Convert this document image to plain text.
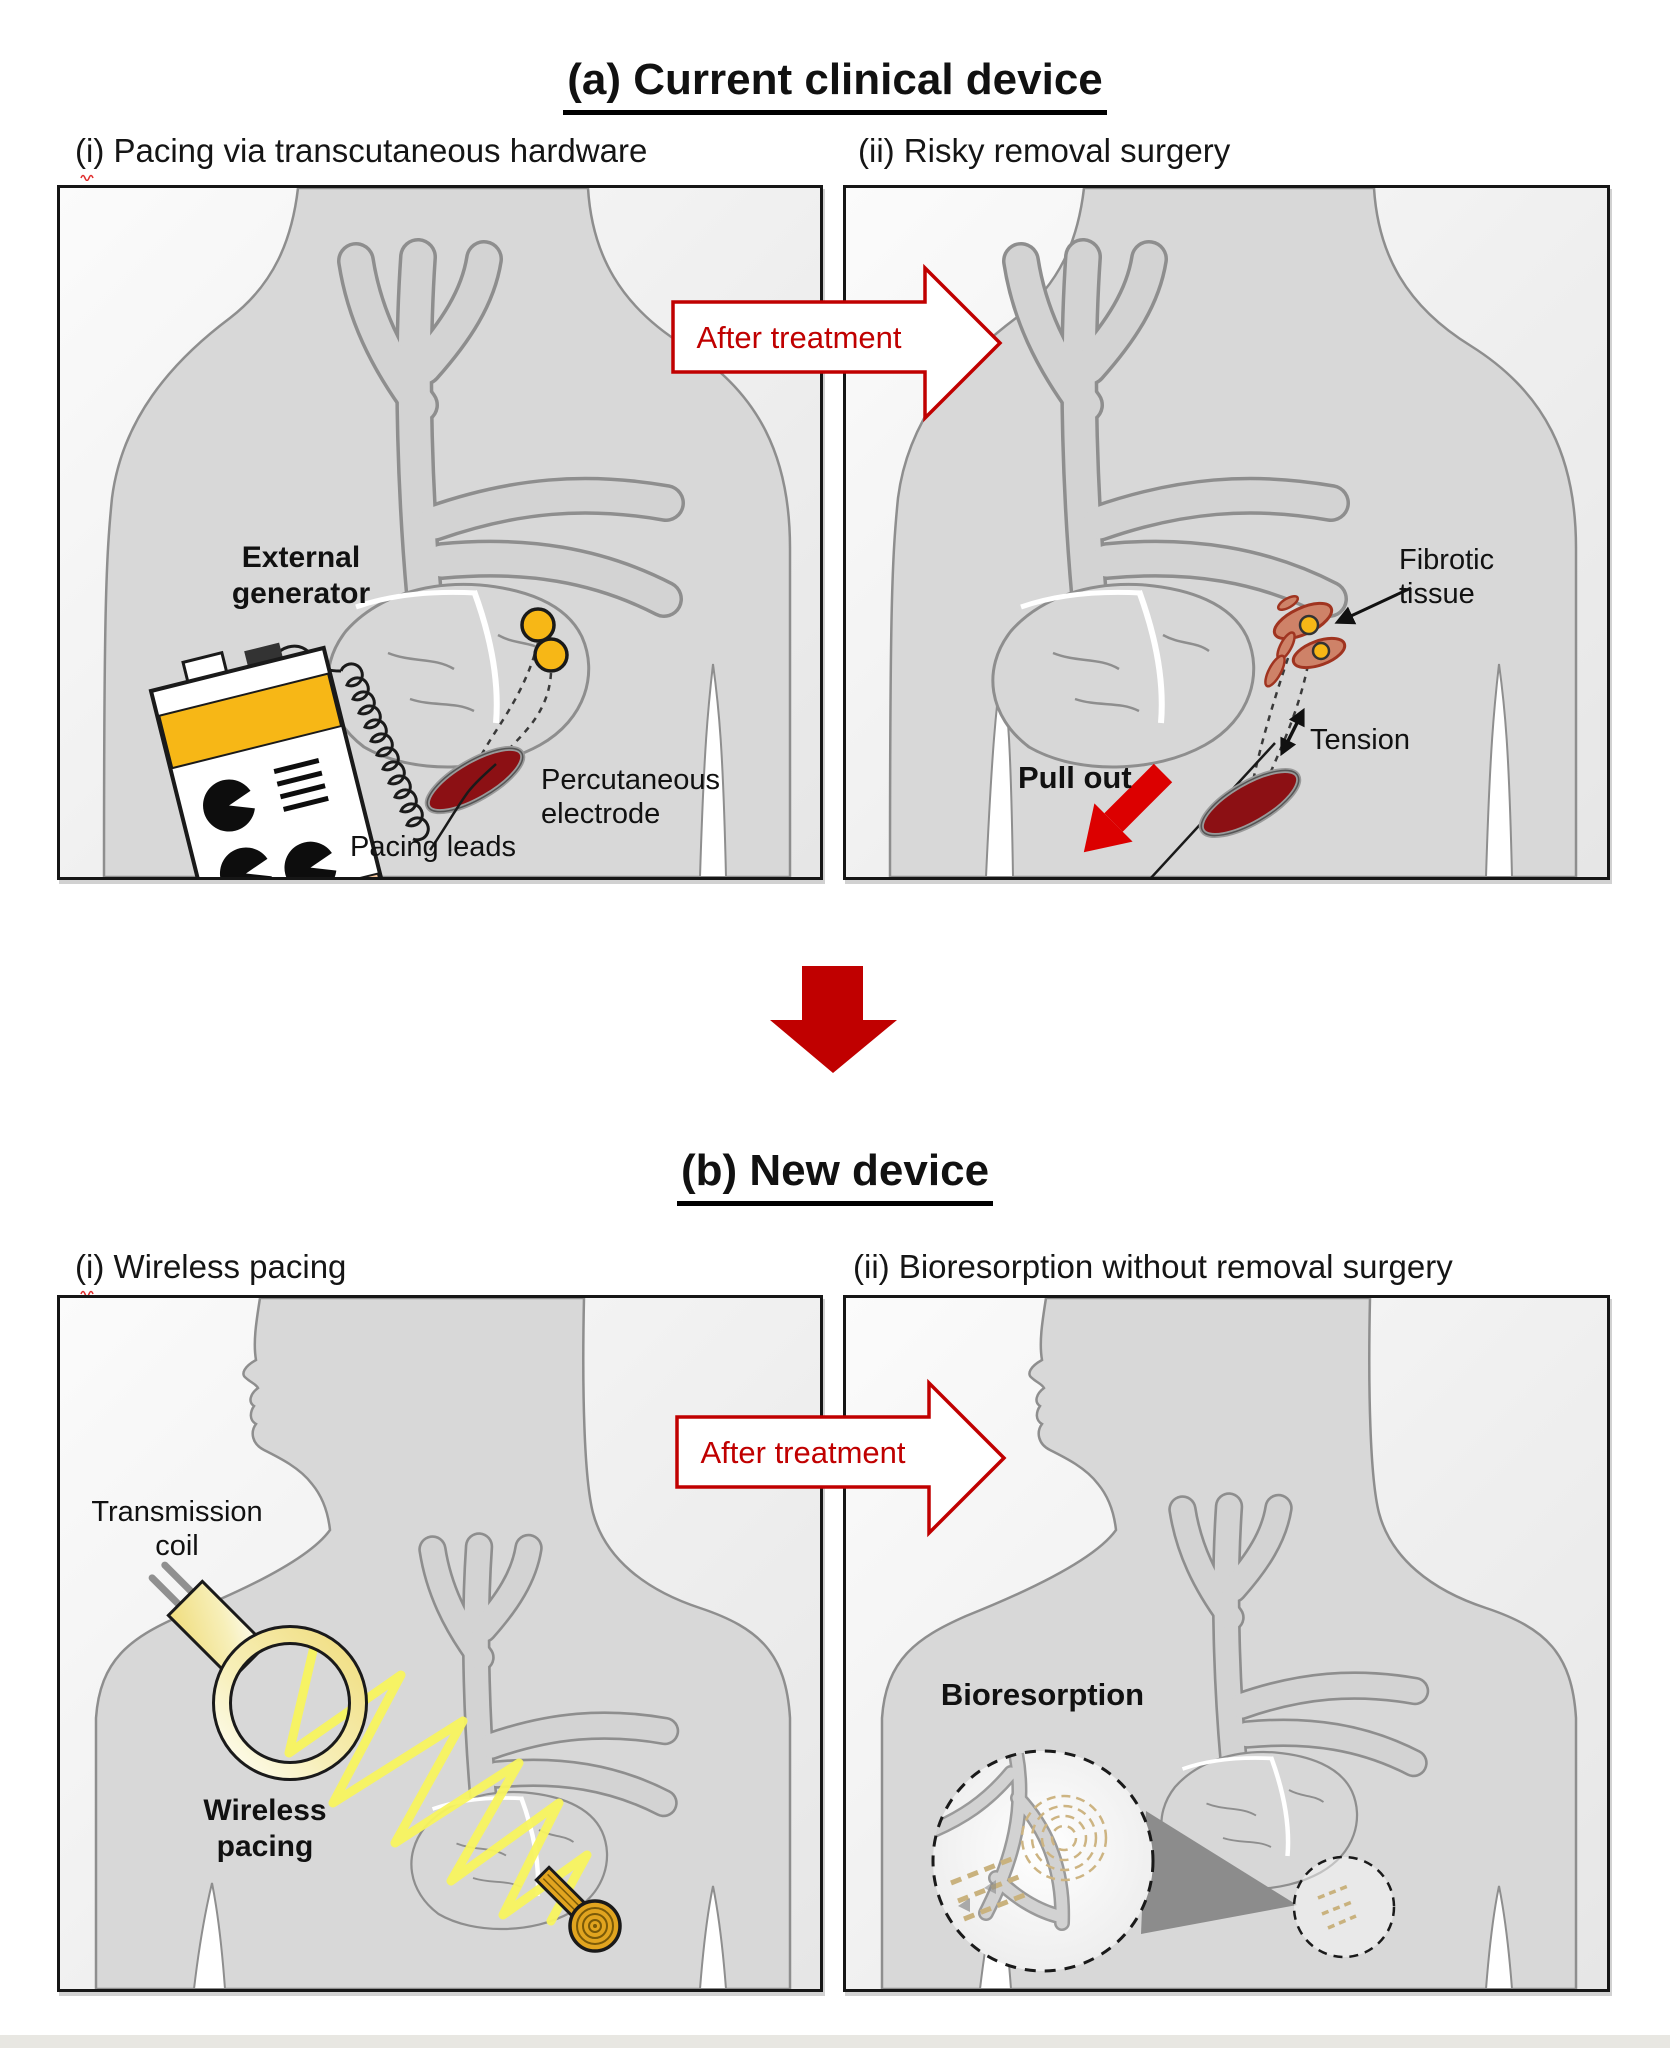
(a) Current clinical device
(i) Pacing via transcutaneous hardware	(ii) Risky removal surgery
External generator
Pacing leads
Percutaneous electrode
Fibrotic tissue
Tension
Pull out
After treatment
(b) New device
(i) Wireless pacing	(ii) Bioresorption without removal surgery
Transmission coil
Wireless pacing
Bioresorption
After treatment
